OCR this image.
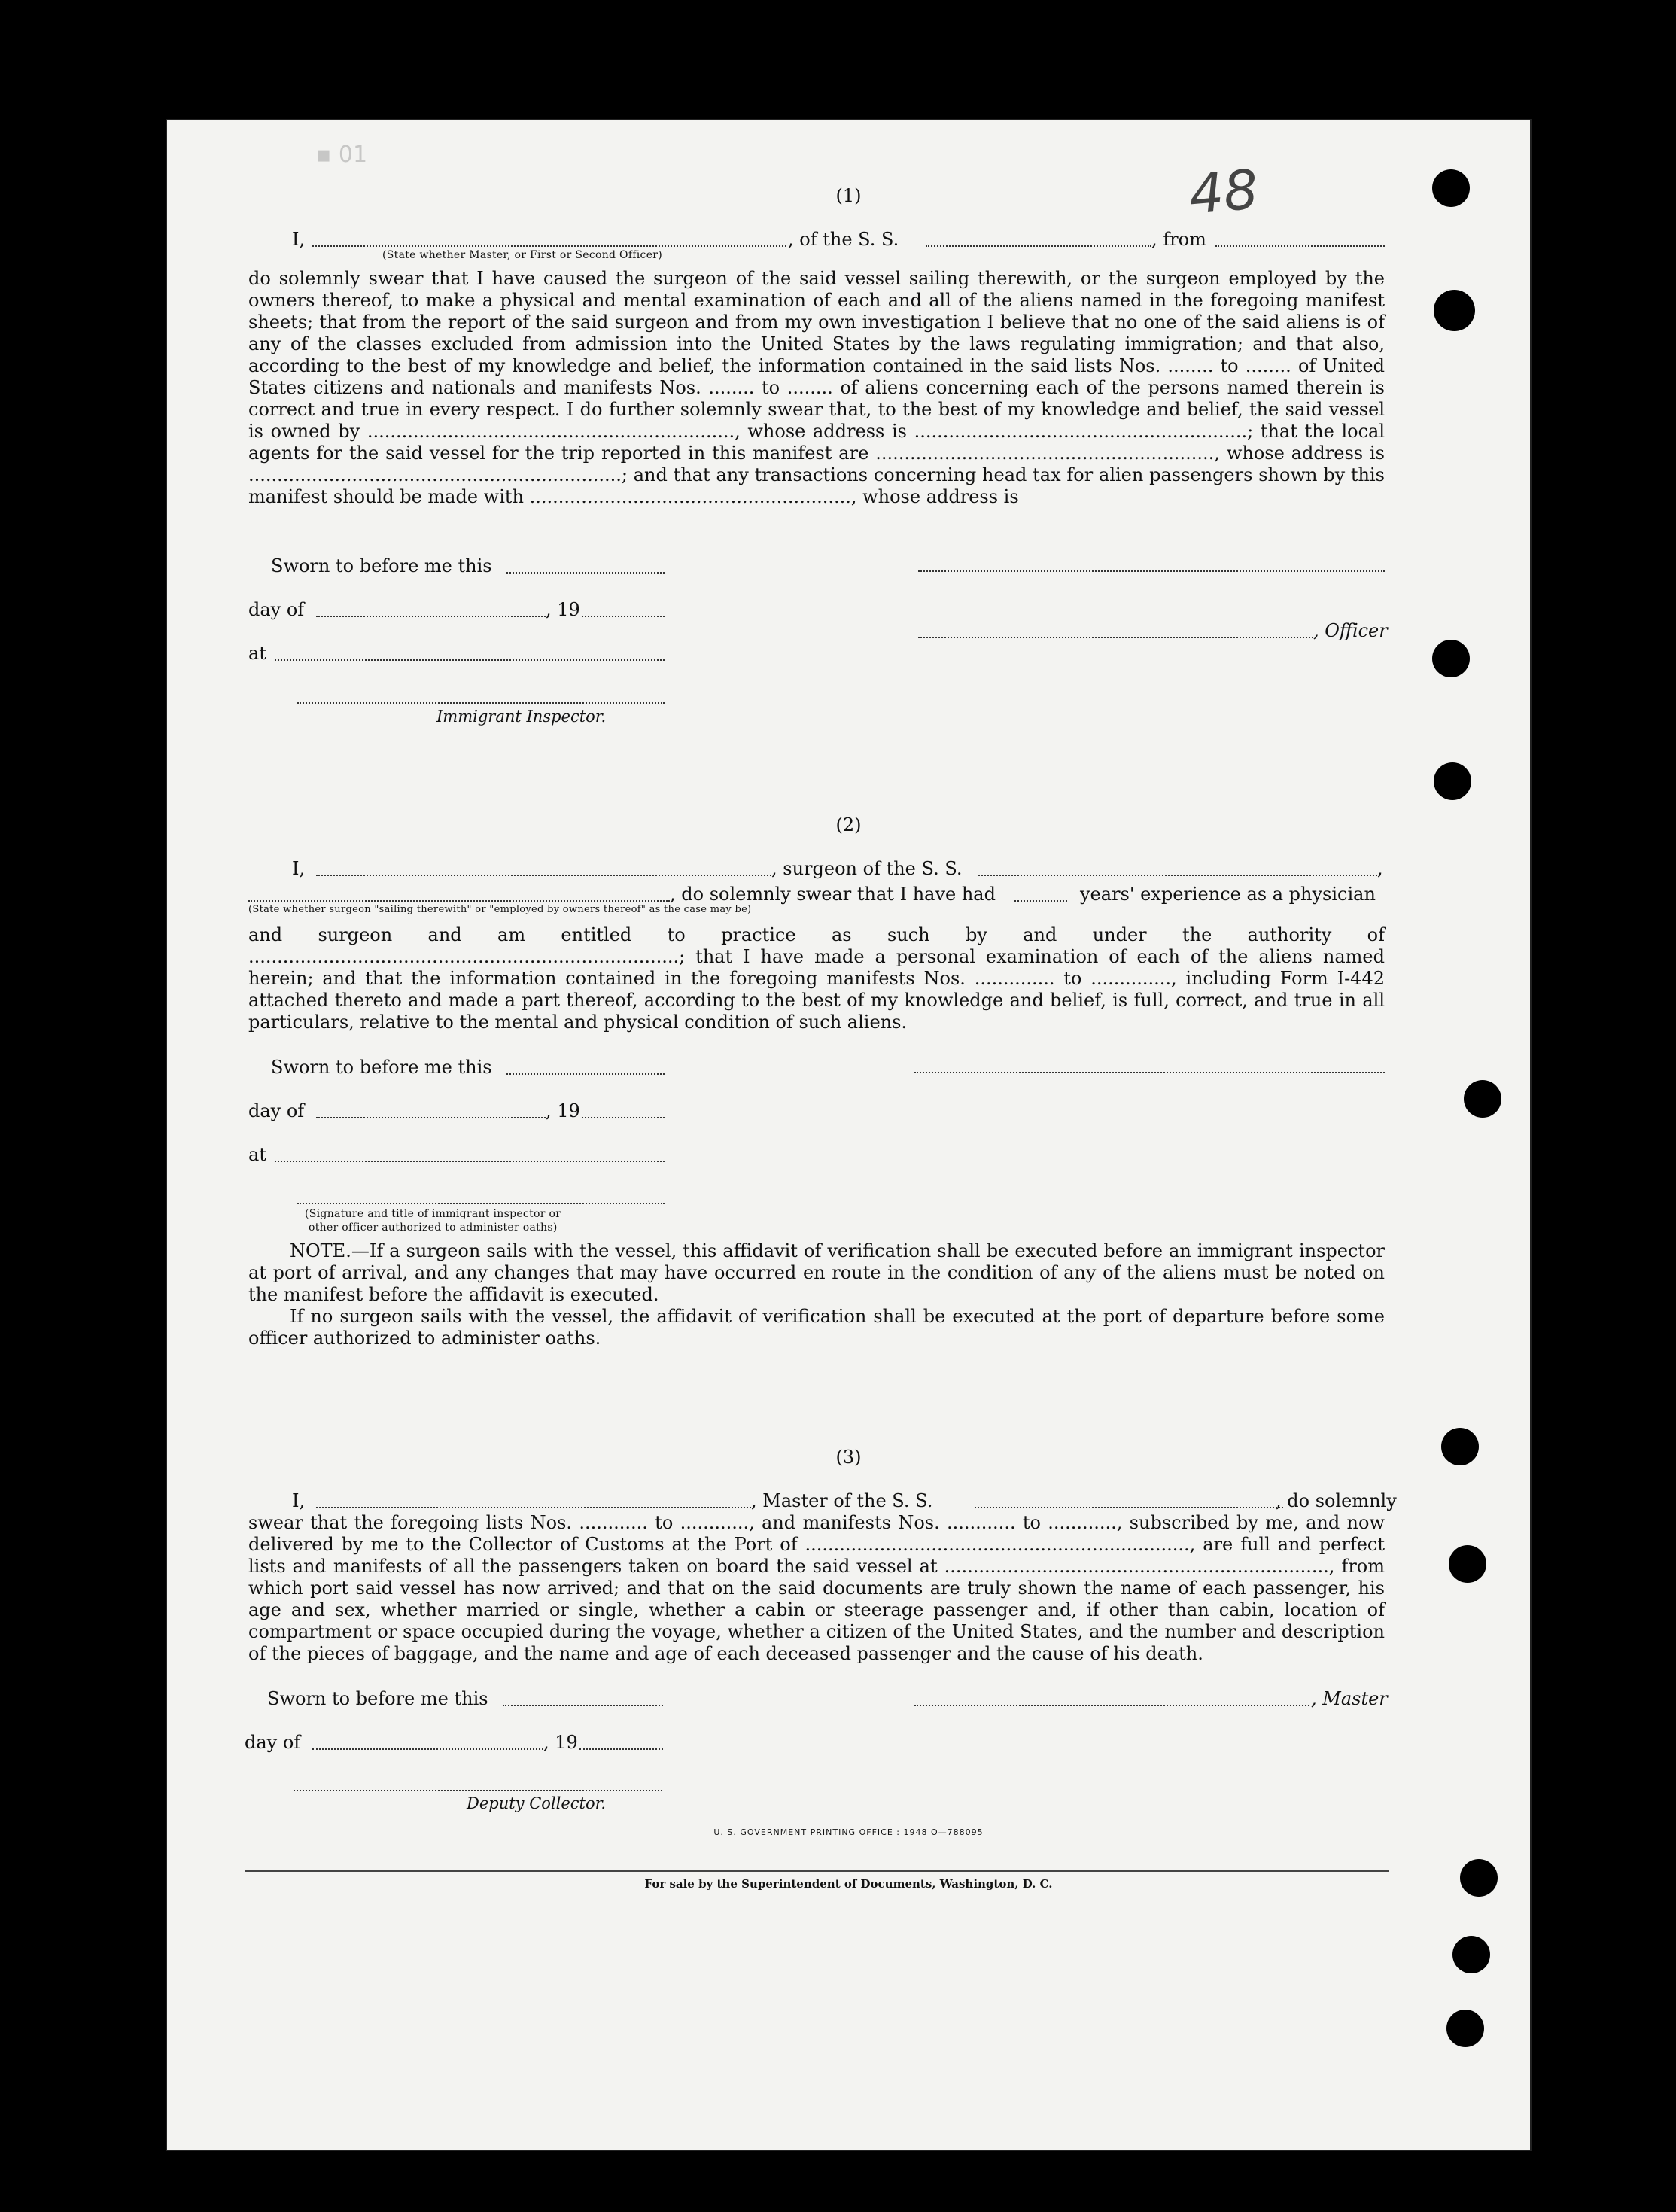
48
▪ 01
(1)
I,	, of the S. S.	, from
(State whether Master, or First or Second Officer)
do solemnly swear that I have caused the surgeon of the said vessel sailing therewith, or the surgeon employed by the owners thereof, to make a physical and mental examination of each and all of the aliens named in the foregoing manifest sheets; that from the report of the said surgeon and from my own investigation I believe that no one of the said aliens is of any of the classes excluded from admission into the United States by the laws regulating immigration; and that also, according to the best of my knowledge and belief, the information contained in the said lists Nos. ........ to ........ of United States citizens and nationals and manifests Nos. ........ to ........ of aliens concerning each of the persons named therein is correct and true in every respect. I do further solemnly swear that, to the best of my knowledge and belief, the said vessel is owned by ................................................................, whose address is ..........................................................; that the local agents for the said vessel for the trip reported in this manifest are ..........................................................., whose address is .................................................................; and that any transactions concerning head tax for alien passengers shown by this manifest should be made with ........................................................, whose address is
Sworn to before me this
day of	, 19
, Officer
at
Immigrant Inspector.
(2)
I,	, surgeon of the S. S.	,
, do solemnly swear that I have had	years' experience as a physician
(State whether surgeon "sailing therewith" or "employed by owners thereof" as the case may be)
and surgeon and am entitled to practice as such by and under the authority of ...........................................................................; that I have made a personal examination of each of the aliens named herein; and that the information contained in the foregoing manifests Nos. .............. to .............., including Form I-442 attached thereto and made a part thereof, according to the best of my knowledge and belief, is full, correct, and true in all particulars, relative to the mental and physical condition of such aliens.
Sworn to before me this
day of	, 19
at
(Signature and title of immigrant inspector or
other officer authorized to administer oaths)
NOTE.—If a surgeon sails with the vessel, this affidavit of verification shall be executed before an immigrant inspector at port of arrival, and any changes that may have occurred en route in the condition of any of the aliens must be noted on the manifest before the affidavit is executed.
If no surgeon sails with the vessel, the affidavit of verification shall be executed at the port of departure before some officer authorized to administer oaths.
(3)
I,	, Master of the S. S.	, do solemnly
swear that the foregoing lists Nos. ............ to ............, and manifests Nos. ............ to ............, subscribed by me, and now delivered by me to the Collector of Customs at the Port of ..................................................................., are full and perfect lists and manifests of all the passengers taken on board the said vessel at ..................................................................., from which port said vessel has now arrived; and that on the said documents are truly shown the name of each passenger, his age and sex, whether married or single, whether a cabin or steerage passenger and, if other than cabin, location of compartment or space occupied during the voyage, whether a citizen of the United States, and the number and description of the pieces of baggage, and the name and age of each deceased passenger and the cause of his death.
Sworn to before me this	, Master
day of	, 19
Deputy Collector.
U. S. GOVERNMENT PRINTING OFFICE : 1948 O—788095
For sale by the Superintendent of Documents, Washington, D. C.
